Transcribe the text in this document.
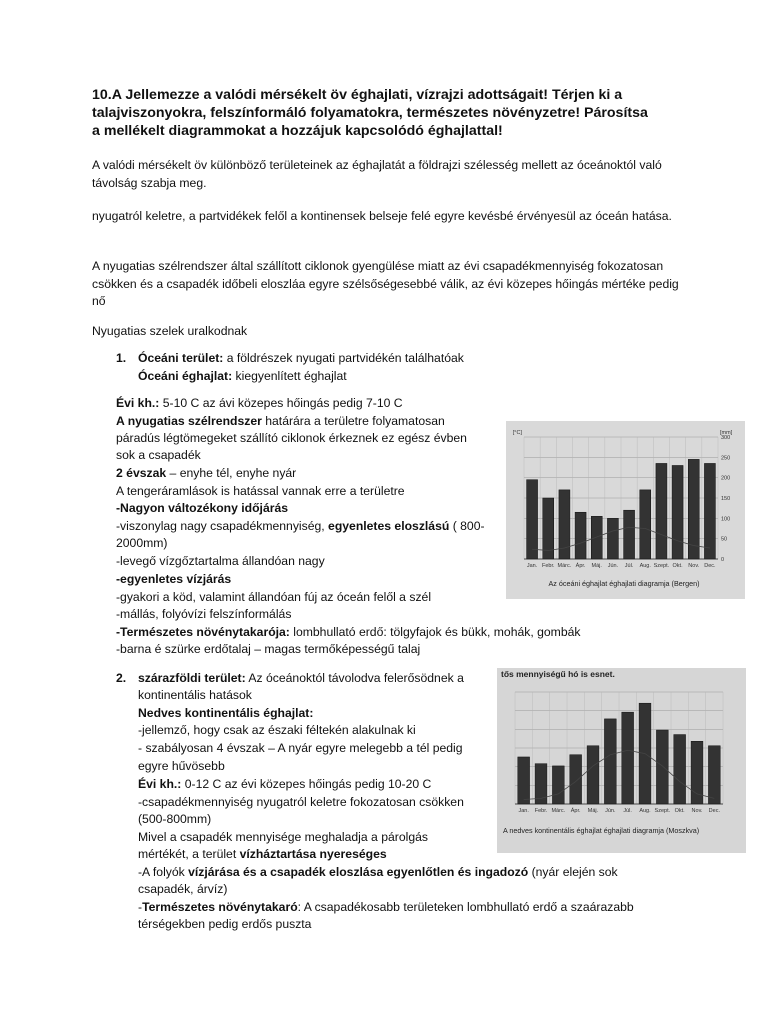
10.A Jellemezze a valódi mérsékelt öv éghajlati, vízrajzi adottságait! Térjen ki a talajviszonyokra, felszínformáló folyamatokra, természetes növényzetre! Párosítsa a mellékelt diagrammokat a hozzájuk kapcsolódó éghajlattal!
A valódi mérsékelt öv különböző területeinek az éghajlatát a földrajzi szélesség mellett az óceánoktól való távolság szabja meg.
nyugatról keletre, a partvidékek felől a kontinensek belseje felé egyre kevésbé érvényesül az óceán hatása.
A nyugatias szélrendszer által szállított ciklonok gyengülése miatt az évi csapadékmennyiség fokozatosan csökken és a csapadék időbeli eloszláa egyre szélsőségesebbé válik, az évi közepes hőingás mértéke pedig nő
Nyugatias szelek uralkodnak
1. Óceáni terület: a földrészek nyugati partvidékén találhatóak
Óceáni éghajlat: kiegyenlített éghajlat
Évi kh.: 5-10 C az ávi közepes hőingás pedig 7-10 C
A nyugatias szélrendszer határára a területre folyamatosan
páradús légtömegeket szállító ciklonok érkeznek ez egész évben
sok a csapadék
2 évszak – enyhe tél, enyhe nyár
A tengeráramlások is hatással vannak erre a területre
-Nagyon változékony időjárás
-viszonylag nagy csapadékmennyiség, egyenletes eloszlású ( 800-
2000mm)
-levegő vízgőztartalma állandóan nagy
-egyenletes vízjárás
-gyakori a köd, valamint állandóan fúj az óceán felől a szél
-mállás, folyóvízi felszínformálás
-Természetes növénytakarója: lombhullató erdő: tölgyfajok és bükk, mohák, gombák
-barna é szürke erdőtalaj – magas termőképességű talaj
Jan. Febr. Márc. Ápr. Máj. Jún. Júl. Aug. Szept. Okt. Nov. Dec.
300
250
200
150
100
50
0
[°C]	[mm]
Az óceáni éghajlat éghajlati diagramja (Bergen)
2. szárazföldi terület: Az óceánoktól távolodva felerősödnek a
kontinentális hatások
Nedves kontinentális éghajlat:
-jellemző, hogy csak az északi féltekén alakulnak ki
- szabályosan 4 évszak – A nyár egyre melegebb a tél pedig
egyre hűvösebb
Évi kh.: 0-12 C az évi közepes hőingás pedig 10-20 C
-csapadékmennyiség nyugatról keletre fokozatosan csökken
(500-800mm)
Mivel a csapadék mennyisége meghaladja a párolgás
mértékét, a terület vízháztartása nyereséges
-A folyók vízjárása és a csapadék eloszlása egyenlőtlen és ingadozó (nyár elején sok
csapadék, árvíz)
-Természetes növénytakaró: A csapadékosabb területeken lombhullató erdő a szaárazabb
térségekben pedig erdős puszta
Jan. Febr. Márc. Ápr. Máj. Jún. Júl. Aug. Szept. Okt. Nov. Dec.
A nedves kontinentális éghajlat éghajlati diagramja (Moszkva)
tős mennyiségű hó is esnet.
